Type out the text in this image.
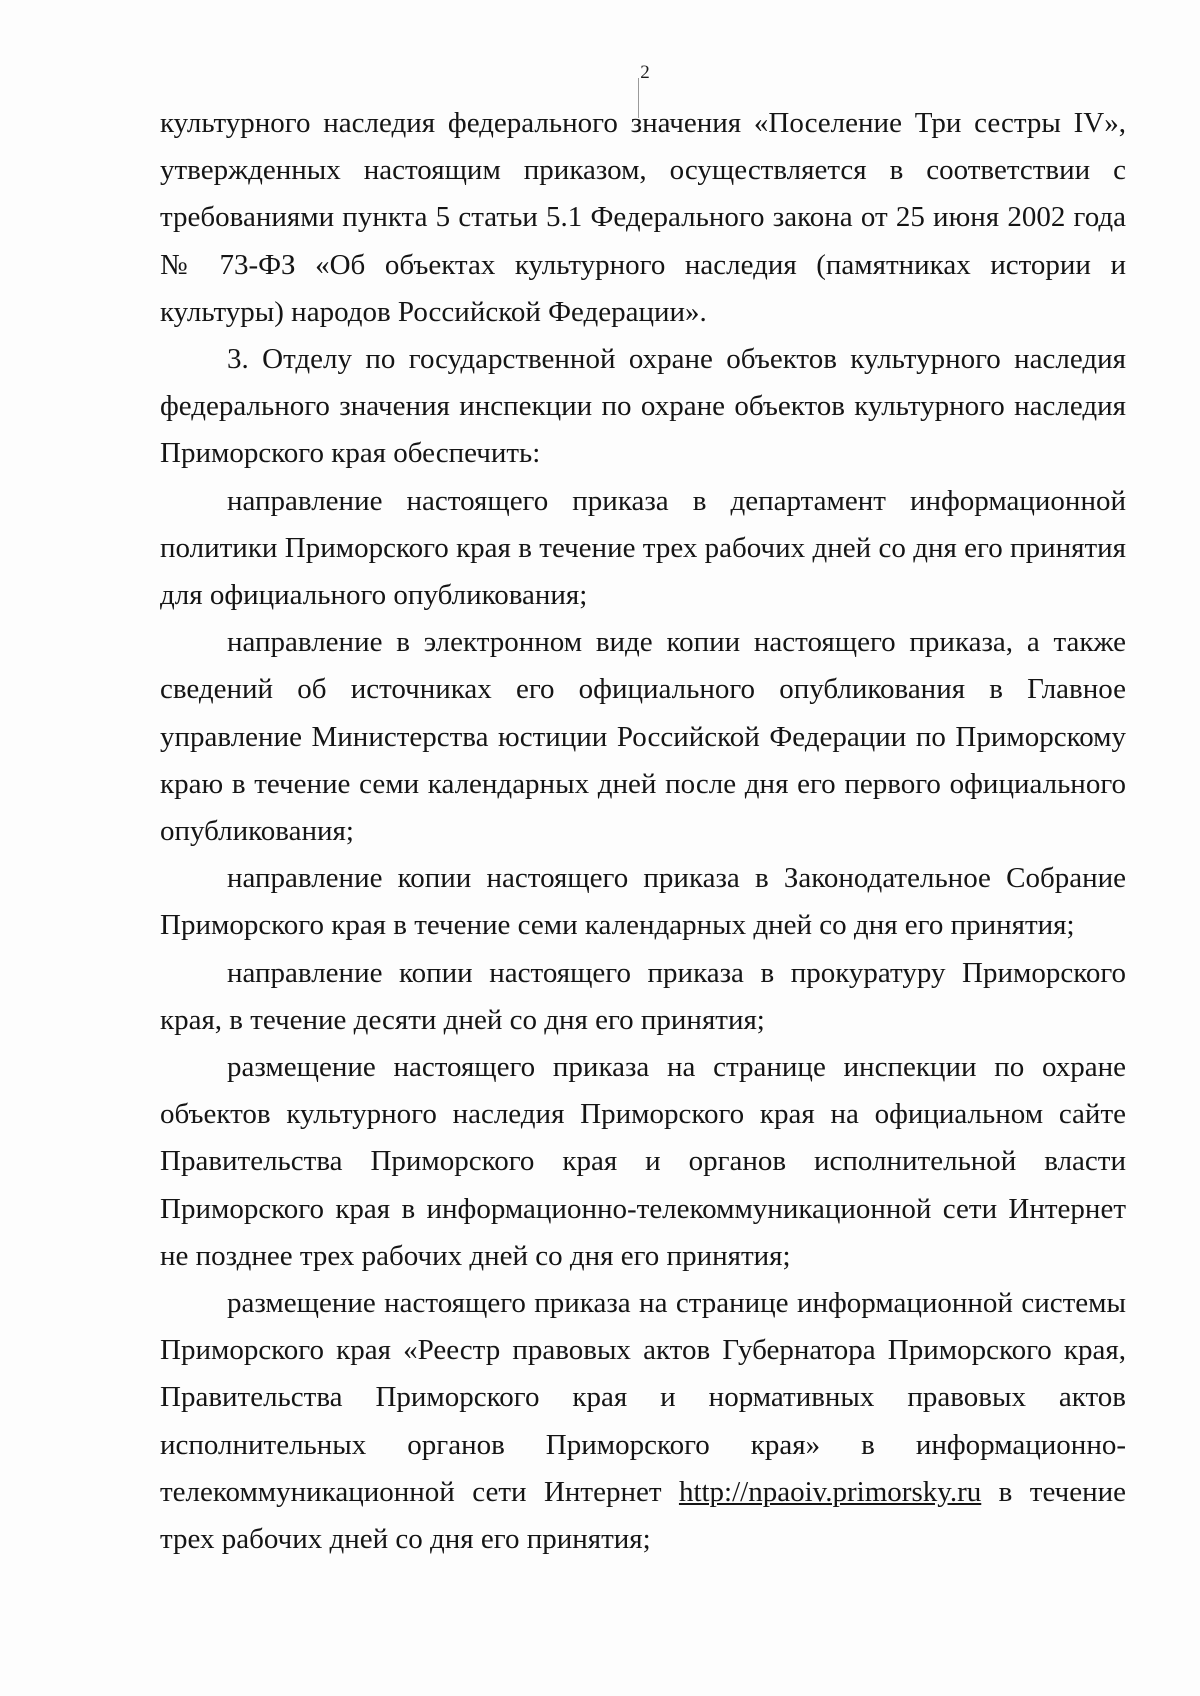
2

культурного наследия федерального значения «Поселение Три сестры IV», утвержденных настоящим приказом, осуществляется в соответствии с требованиями пункта 5 статьи 5.1 Федерального закона от 25 июня 2002 года № 73-ФЗ «Об объектах культурного наследия (памятниках истории и культуры) народов Российской Федерации».

3. Отделу по государственной охране объектов культурного наследия федерального значения инспекции по охране объектов культурного наследия Приморского края обеспечить:

направление настоящего приказа в департамент информационной политики Приморского края в течение трех рабочих дней со дня его принятия для официального опубликования;

направление в электронном виде копии настоящего приказа, а также сведений об источниках его официального опубликования в Главное управление Министерства юстиции Российской Федерации по Приморскому краю в течение семи календарных дней после дня его первого официального опубликования;

направление копии настоящего приказа в Законодательное Собрание Приморского края в течение семи календарных дней со дня его принятия;

направление копии настоящего приказа в прокуратуру Приморского края, в течение десяти дней со дня его принятия;

размещение настоящего приказа на странице инспекции по охране объектов культурного наследия Приморского края на официальном сайте Правительства Приморского края и органов исполнительной власти Приморского края в информационно-телекоммуникационной сети Интернет не позднее трех рабочих дней со дня его принятия;

размещение настоящего приказа на странице информационной системы Приморского края «Реестр правовых актов Губернатора Приморского края, Правительства Приморского края и нормативных правовых актов исполнительных органов Приморского края» в информационно-телекоммуникационной сети Интернет http://npaoiv.primorsky.ru в течение трех рабочих дней со дня его принятия;
